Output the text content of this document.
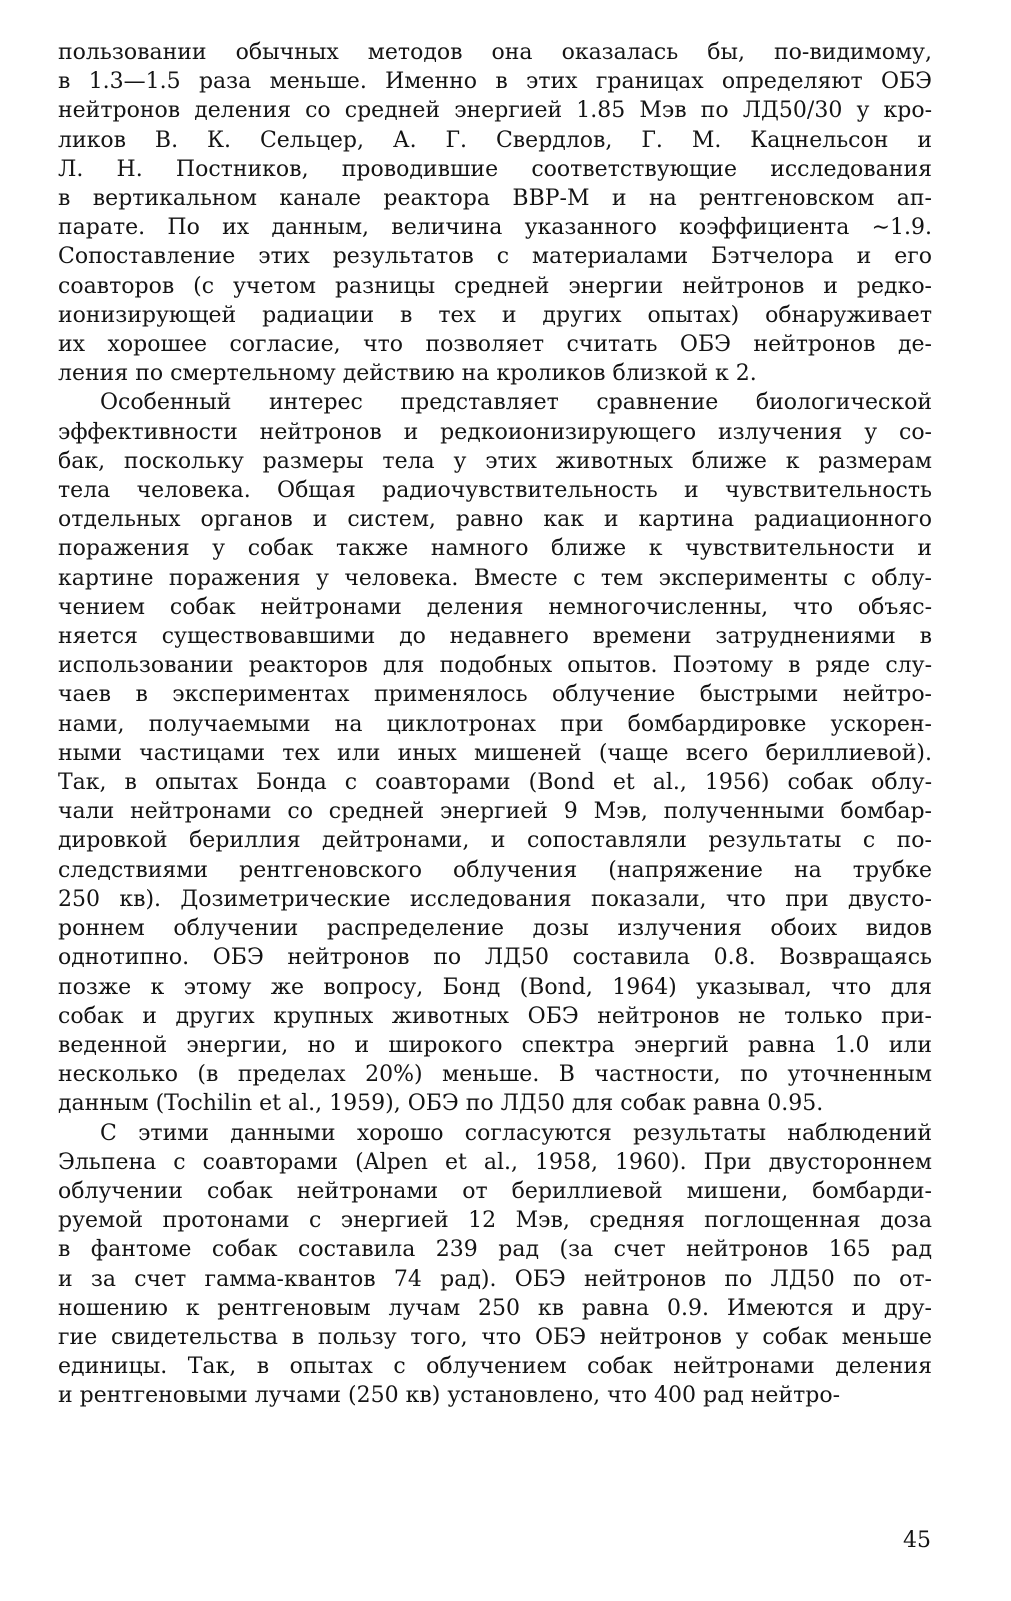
пользовании обычных методов она оказалась бы, по-видимому,
в 1.3—1.5 раза меньше. Именно в этих границах определяют ОБЭ
нейтронов деления со средней энергией 1.85 Мэв по ЛД50/30 у кро-
ликов В. К. Сельцер, А. Г. Свердлов, Г. М. Кацнельсон и
Л. Н. Постников, проводившие соответствующие исследования
в вертикальном канале реактора ВВР-М и на рентгеновском ап-
парате. По их данным, величина указанного коэффициента ∼1.9.
Сопоставление этих результатов с материалами Бэтчелора и его
соавторов (с учетом разницы средней энергии нейтронов и редко-
ионизирующей радиации в тех и других опытах) обнаруживает
их хорошее согласие, что позволяет считать ОБЭ нейтронов де-
ления по смертельному действию на кроликов близкой к 2.
Особенный интерес представляет сравнение биологической
эффективности нейтронов и редкоионизирующего излучения у со-
бак, поскольку размеры тела у этих животных ближе к размерам
тела человека. Общая радиочувствительность и чувствительность
отдельных органов и систем, равно как и картина радиационного
поражения у собак также намного ближе к чувствительности и
картине поражения у человека. Вместе с тем эксперименты с облу-
чением собак нейтронами деления немногочисленны, что объяс-
няется существовавшими до недавнего времени затруднениями в
использовании реакторов для подобных опытов. Поэтому в ряде слу-
чаев в экспериментах применялось облучение быстрыми нейтро-
нами, получаемыми на циклотронах при бомбардировке ускорен-
ными частицами тех или иных мишеней (чаще всего бериллиевой).
Так, в опытах Бонда с соавторами (Bond et al., 1956) собак облу-
чали нейтронами со средней энергией 9 Мэв, полученными бомбар-
дировкой бериллия дейтронами, и сопоставляли результаты с по-
следствиями рентгеновского облучения (напряжение на трубке
250 кв). Дозиметрические исследования показали, что при двусто-
роннем облучении распределение дозы излучения обоих видов
однотипно. ОБЭ нейтронов по ЛД50 составила 0.8. Возвращаясь
позже к этому же вопросу, Бонд (Bond, 1964) указывал, что для
собак и других крупных животных ОБЭ нейтронов не только при-
веденной энергии, но и широкого спектра энергий равна 1.0 или
несколько (в пределах 20%) меньше. В частности, по уточненным
данным (Tochilin et al., 1959), ОБЭ по ЛД50 для собак равна 0.95.
С этими данными хорошо согласуются результаты наблюдений
Эльпена с соавторами (Alpen et al., 1958, 1960). При двустороннем
облучении собак нейтронами от бериллиевой мишени, бомбарди-
руемой протонами с энергией 12 Мэв, средняя поглощенная доза
в фантоме собак составила 239 рад (за счет нейтронов 165 рад
и за счет гамма-квантов 74 рад). ОБЭ нейтронов по ЛД50 по от-
ношению к рентгеновым лучам 250 кв равна 0.9. Имеются и дру-
гие свидетельства в пользу того, что ОБЭ нейтронов у собак меньше
единицы. Так, в опытах с облучением собак нейтронами деления
и рентгеновыми лучами (250 кв) установлено, что 400 рад нейтро-
45
